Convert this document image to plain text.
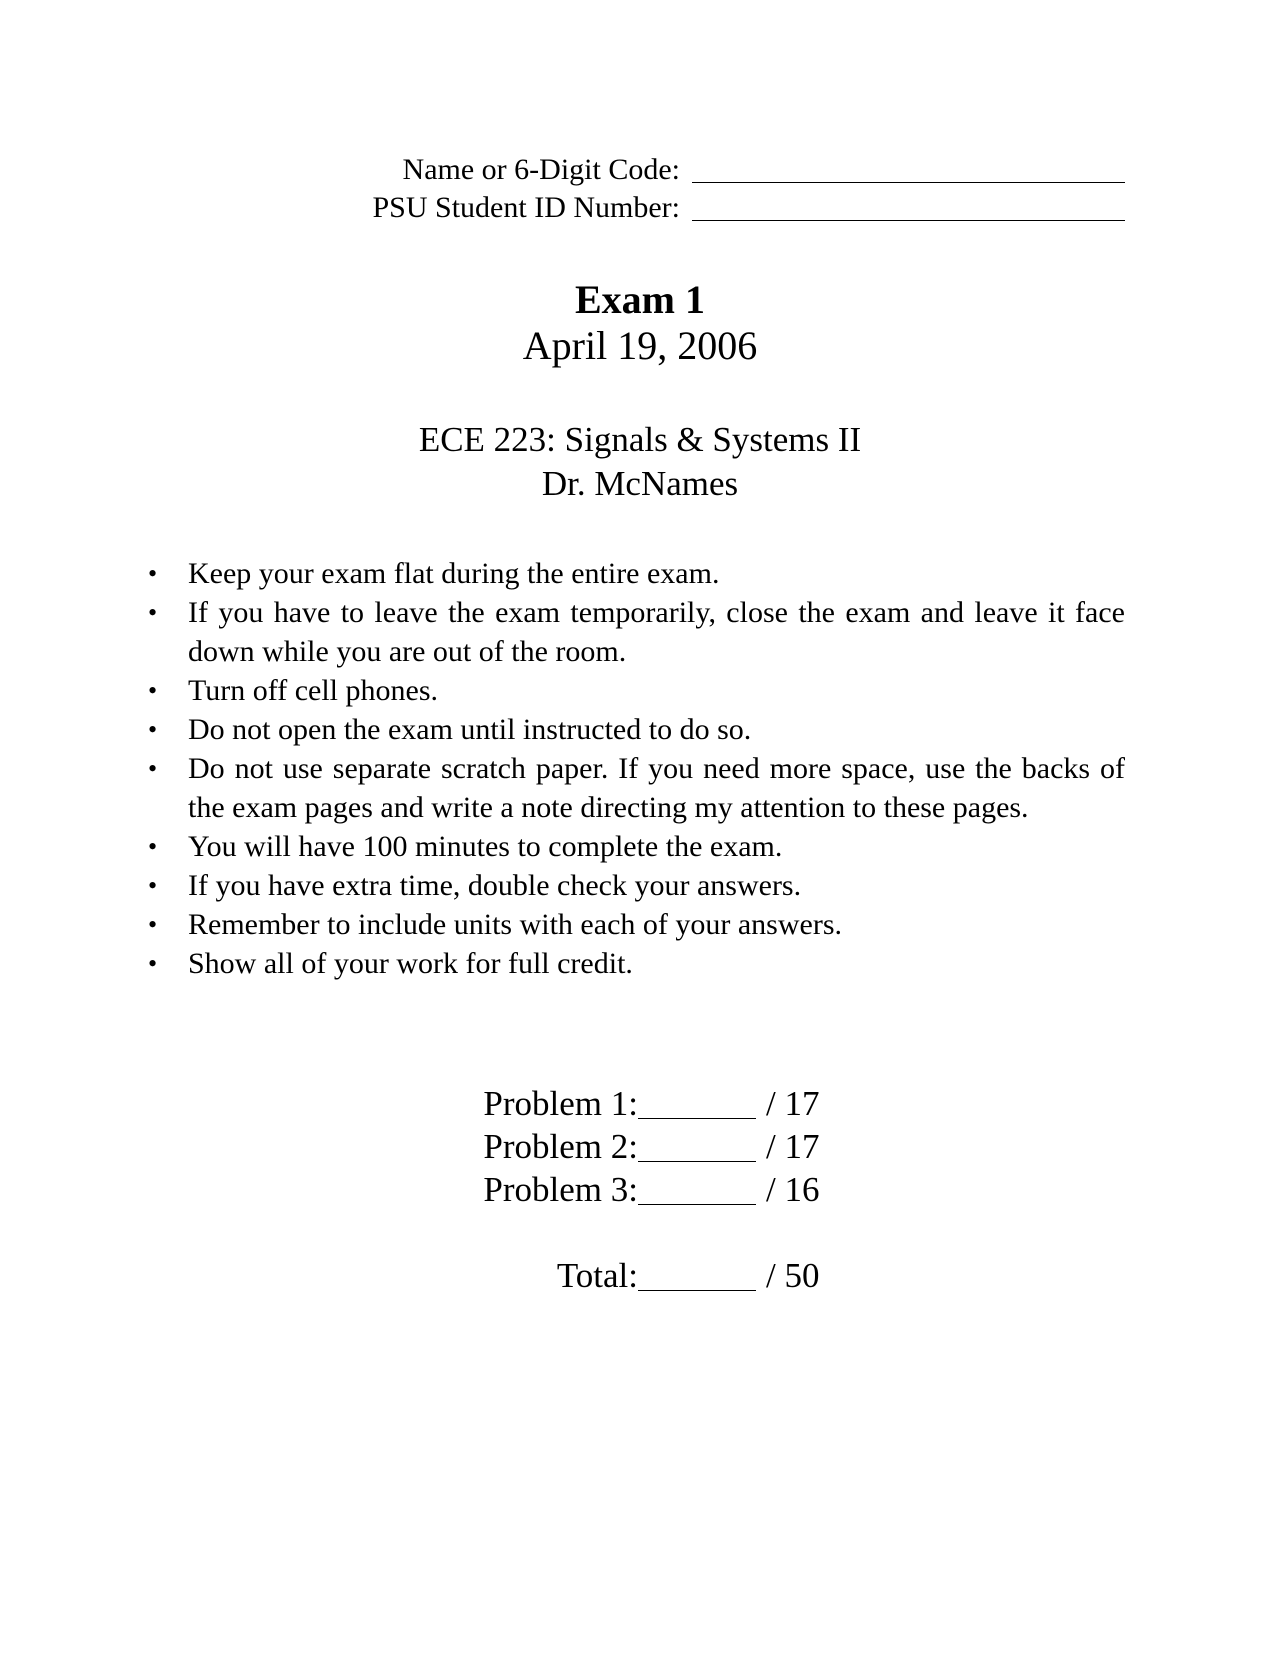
Name or 6-Digit Code:
PSU Student ID Number:
Exam 1
April 19, 2006
ECE 223: Signals & Systems II
Dr. McNames
• Keep your exam flat during the entire exam.
• If you have to leave the exam temporarily, close the exam and leave it face down while you are out of the room.
• Turn off cell phones.
• Do not open the exam until instructed to do so.
• Do not use separate scratch paper. If you need more space, use the backs of the exam pages and write a note directing my attention to these pages.
• You will have 100 minutes to complete the exam.
• If you have extra time, double check your answers.
• Remember to include units with each of your answers.
• Show all of your work for full credit.
Problem 1:	/ 17
Problem 2:	/ 17
Problem 3:	/ 16
Total:	/ 50
